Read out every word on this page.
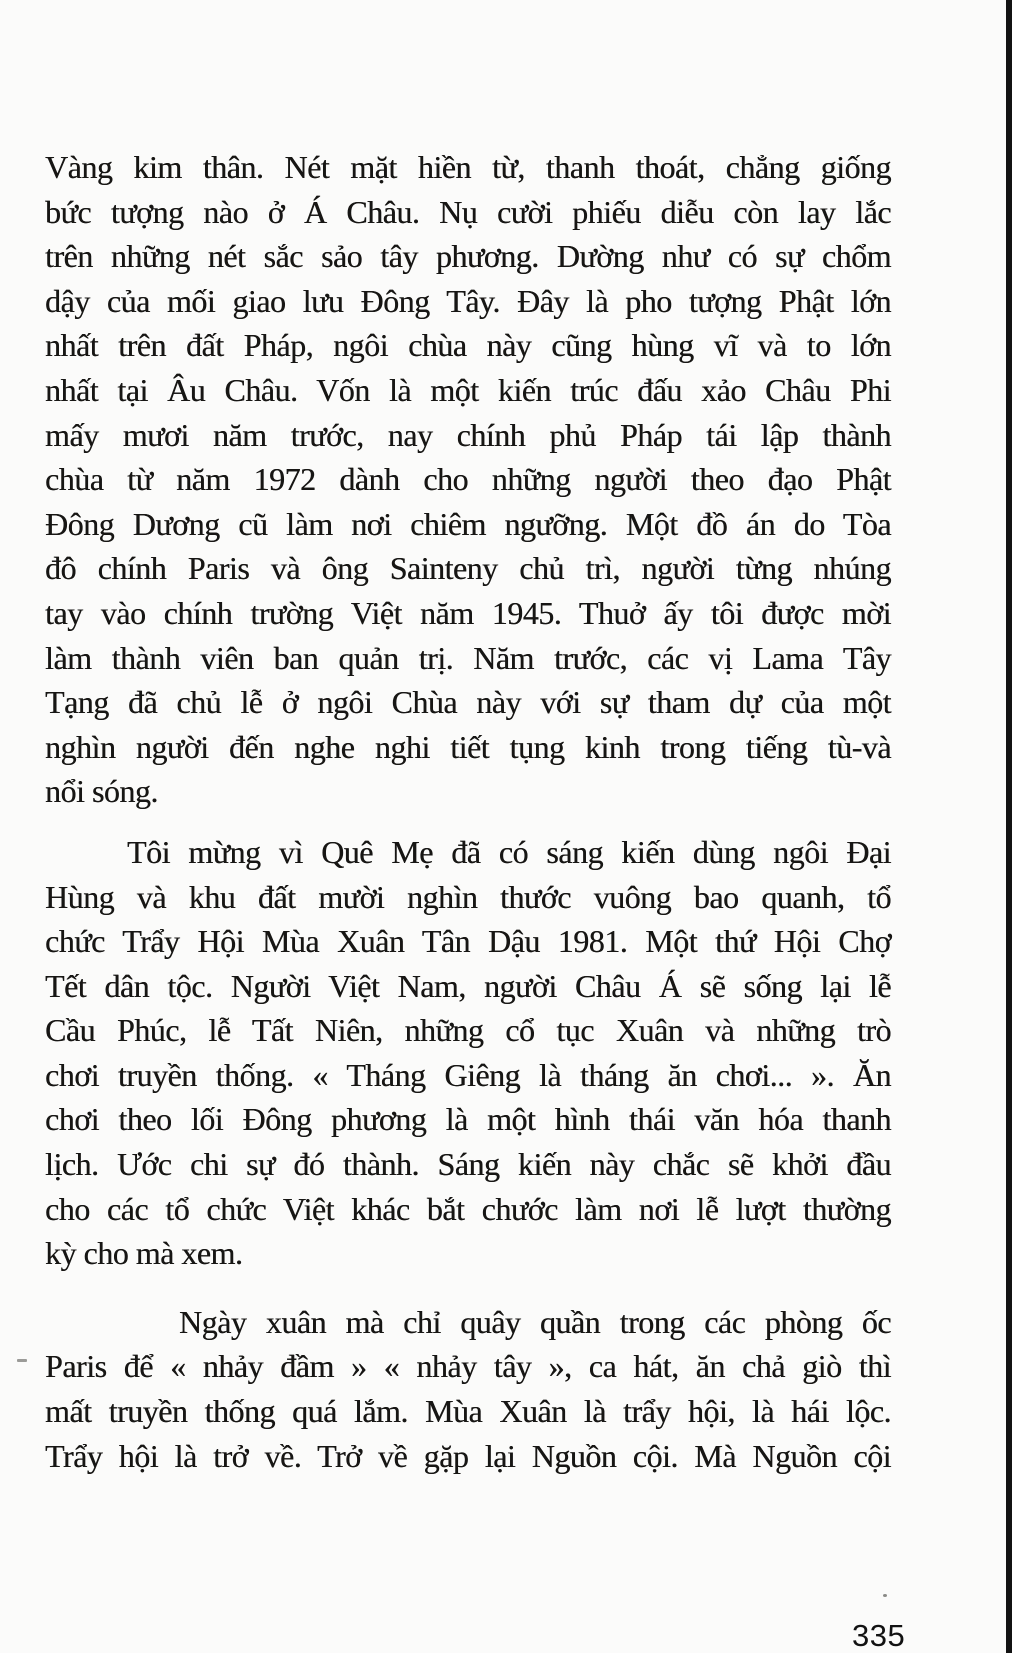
Vàng kim thân. Nét mặt hiền từ, thanh thoát, chẳng giống
bức tượng nào ở Á Châu. Nụ cười phiếu diễu còn lay lắc
trên những nét sắc sảo tây phương. Dường như có sự chổm
dậy của mối giao lưu Đông Tây. Đây là pho tượng Phật lớn
nhất trên đất Pháp, ngôi chùa này cũng hùng vĩ và to lớn
nhất tại Âu Châu. Vốn là một kiến trúc đấu xảo Châu Phi
mấy mươi năm trước, nay chính phủ Pháp tái lập thành
chùa từ năm 1972 dành cho những người theo đạo Phật
Đông Dương cũ làm nơi chiêm ngưỡng. Một đồ án do Tòa
đô chính Paris và ông Sainteny chủ trì, người từng nhúng
tay vào chính trường Việt năm 1945. Thuở ấy tôi được mời
làm thành viên ban quản trị. Năm trước, các vị Lama Tây
Tạng đã chủ lễ ở ngôi Chùa này với sự tham dự của một
nghìn người đến nghe nghi tiết tụng kinh trong tiếng tù-và
nổi sóng.
Tôi mừng vì Quê Mẹ đã có sáng kiến dùng ngôi Đại
Hùng và khu đất mười nghìn thước vuông bao quanh, tổ
chức Trẩy Hội Mùa Xuân Tân Dậu 1981. Một thứ Hội Chợ
Tết dân tộc. Người Việt Nam, người Châu Á sẽ sống lại lễ
Cầu Phúc, lễ Tất Niên, những cổ tục Xuân và những trò
chơi truyền thống. « Tháng Giêng là tháng ăn chơi... ». Ăn
chơi theo lối Đông phương là một hình thái văn hóa thanh
lịch. Ước chi sự đó thành. Sáng kiến này chắc sẽ khởi đầu
cho các tổ chức Việt khác bắt chước làm nơi lễ lượt thường
kỳ cho mà xem.
Ngày xuân mà chỉ quây quần trong các phòng ốc
Paris để « nhảy đầm » « nhảy tây », ca hát, ăn chả giò thì
mất truyền thống quá lắm. Mùa Xuân là trẩy hội, là hái lộc.
Trẩy hội là trở về. Trở về gặp lại Nguồn cội. Mà Nguồn cội
335
